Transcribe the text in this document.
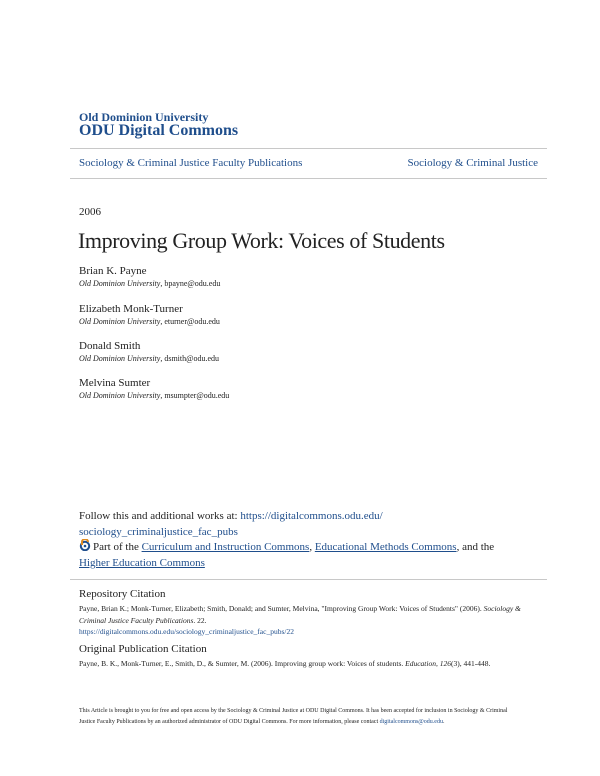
Old Dominion University
ODU Digital Commons
Sociology & Criminal Justice Faculty Publications	Sociology & Criminal Justice
2006
Improving Group Work: Voices of Students
Brian K. Payne
Old Dominion University, bpayne@odu.edu
Elizabeth Monk-Turner
Old Dominion University, eturner@odu.edu
Donald Smith
Old Dominion University, dsmith@odu.edu
Melvina Sumter
Old Dominion University, msumpter@odu.edu
Follow this and additional works at: https://digitalcommons.odu.edu/
sociology_criminaljustice_fac_pubs
Part of the Curriculum and Instruction Commons, Educational Methods Commons, and the
Higher Education Commons
Repository Citation
Payne, Brian K.; Monk-Turner, Elizabeth; Smith, Donald; and Sumter, Melvina, "Improving Group Work: Voices of Students" (2006). Sociology & Criminal Justice Faculty Publications. 22.
https://digitalcommons.odu.edu/sociology_criminaljustice_fac_pubs/22
Original Publication Citation
Payne, B. K., Monk-Turner, E., Smith, D., & Sumter, M. (2006). Improving group work: Voices of students. Education, 126(3), 441-448.
This Article is brought to you for free and open access by the Sociology & Criminal Justice at ODU Digital Commons. It has been accepted for inclusion in Sociology & Criminal Justice Faculty Publications by an authorized administrator of ODU Digital Commons. For more information, please contact digitalcommons@odu.edu.
